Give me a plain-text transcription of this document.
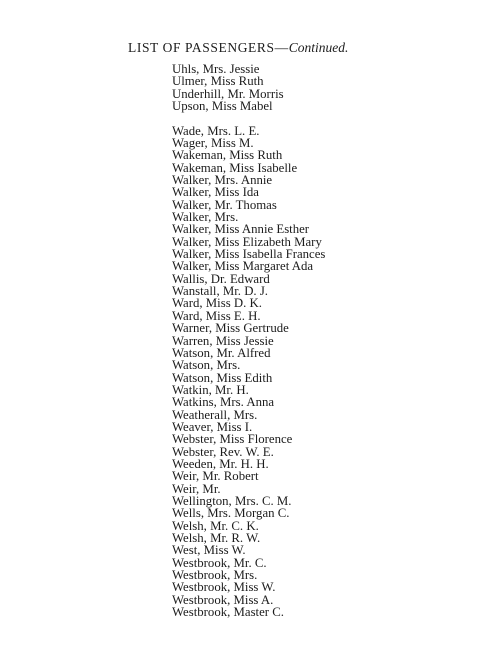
LIST OF PASSENGERS—Continued.
Uhls, Mrs. Jessie
Ulmer, Miss Ruth
Underhill, Mr. Morris
Upson, Miss Mabel
Wade, Mrs. L. E.
Wager, Miss M.
Wakeman, Miss Ruth
Wakeman, Miss Isabelle
Walker, Mrs. Annie
Walker, Miss Ida
Walker, Mr. Thomas
Walker, Mrs.
Walker, Miss Annie Esther
Walker, Miss Elizabeth Mary
Walker, Miss Isabella Frances
Walker, Miss Margaret Ada
Wallis, Dr. Edward
Wanstall, Mr. D. J.
Ward, Miss D. K.
Ward, Miss E. H.
Warner, Miss Gertrude
Warren, Miss Jessie
Watson, Mr. Alfred
Watson, Mrs.
Watson, Miss Edith
Watkin, Mr. H.
Watkins, Mrs. Anna
Weatherall, Mrs.
Weaver, Miss I.
Webster, Miss Florence
Webster, Rev. W. E.
Weeden, Mr. H. H.
Weir, Mr. Robert
Weir, Mr.
Wellington, Mrs. C. M.
Wells, Mrs. Morgan C.
Welsh, Mr. C. K.
Welsh, Mr. R. W.
West, Miss W.
Westbrook, Mr. C.
Westbrook, Mrs.
Westbrook, Miss W.
Westbrook, Miss A.
Westbrook, Master C.
